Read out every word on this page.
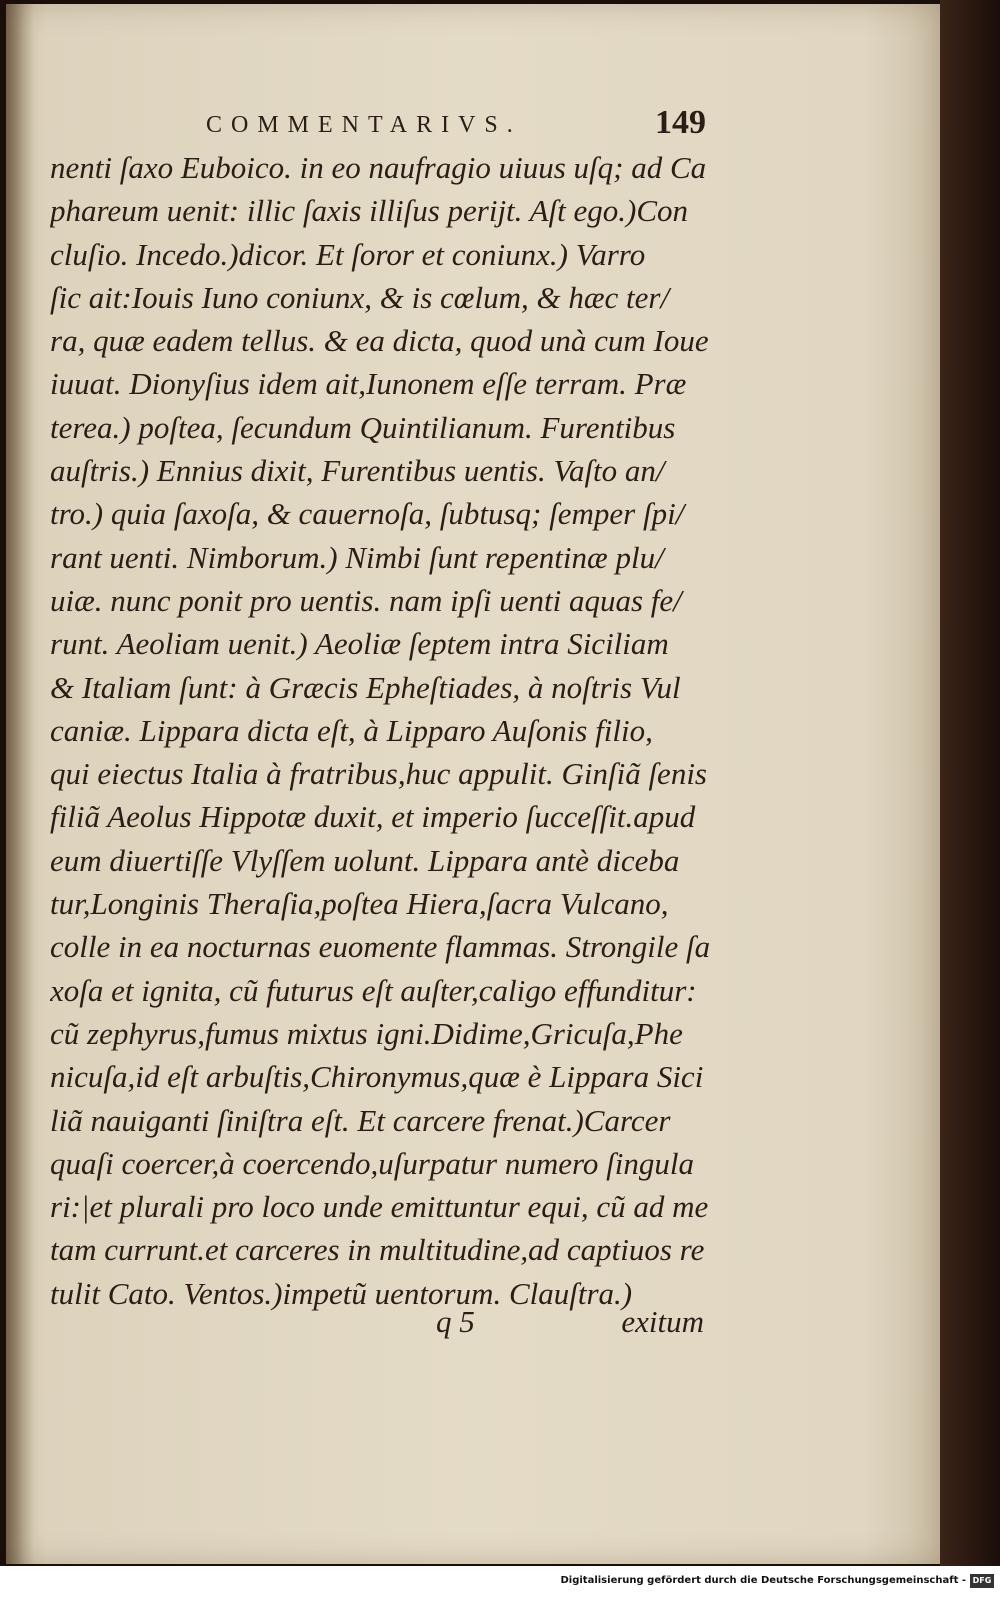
COMMENTARIVS.	149
nenti ſaxo Euboico. in eo naufragio uiuus uſq; ad Ca
phareum uenit: illic ſaxis illiſus perijt. Aſt ego.)Con
cluſio. Incedo.)dicor. Et ſoror et coniunx.) Varro
ſic ait:Iouis Iuno coniunx, & is cœlum, & hæc ter/
ra, quæ eadem tellus. & ea dicta, quod unà cum Ioue
iuuat. Dionyſius idem ait,Iunonem eſſe terram. Præ
terea.) poſtea, ſecundum Quintilianum. Furentibus
auſtris.) Ennius dixit, Furentibus uentis. Vaſto an/
tro.) quia ſaxoſa, & cauernoſa, ſubtusq; ſemper ſpi/
rant uenti. Nimborum.) Nimbi ſunt repentinæ plu/
uiæ. nunc ponit pro uentis. nam ipſi uenti aquas fe/
runt. Aeoliam uenit.) Aeoliæ ſeptem intra Siciliam
& Italiam ſunt: à Græcis Epheſtiades, à noſtris Vul
caniæ. Lippara dicta eſt, à Lipparo Auſonis filio,
qui eiectus Italia à fratribus,huc appulit. Ginſiã ſenis
filiã Aeolus Hippotæ duxit, et imperio ſucceſſit.apud
eum diuertiſſe Vlyſſem uolunt. Lippara antè diceba
tur,Longinis Theraſia,poſtea Hiera,ſacra Vulcano,
colle in ea nocturnas euomente flammas. Strongile ſa
xoſa et ignita, cũ futurus eſt auſter,caligo effunditur:
cũ zephyrus,fumus mixtus igni.Didime,Gricuſa,Phe
nicuſa,id eſt arbuſtis,Chironymus,quæ è Lippara Sici
liã nauiganti ſiniſtra eſt. Et carcere frenat.)Carcer
quaſi coercer,à coercendo,uſurpatur numero ſingula
ri:|et plurali pro loco unde emittuntur equi, cũ ad me
tam currunt.et carceres in multitudine,ad captiuos re
tulit Cato. Ventos.)impetũ uentorum. Clauſtra.)
q 5	exitum
Digitalisierung gefördert durch die Deutsche Forschungsgemeinschaft - DFG
